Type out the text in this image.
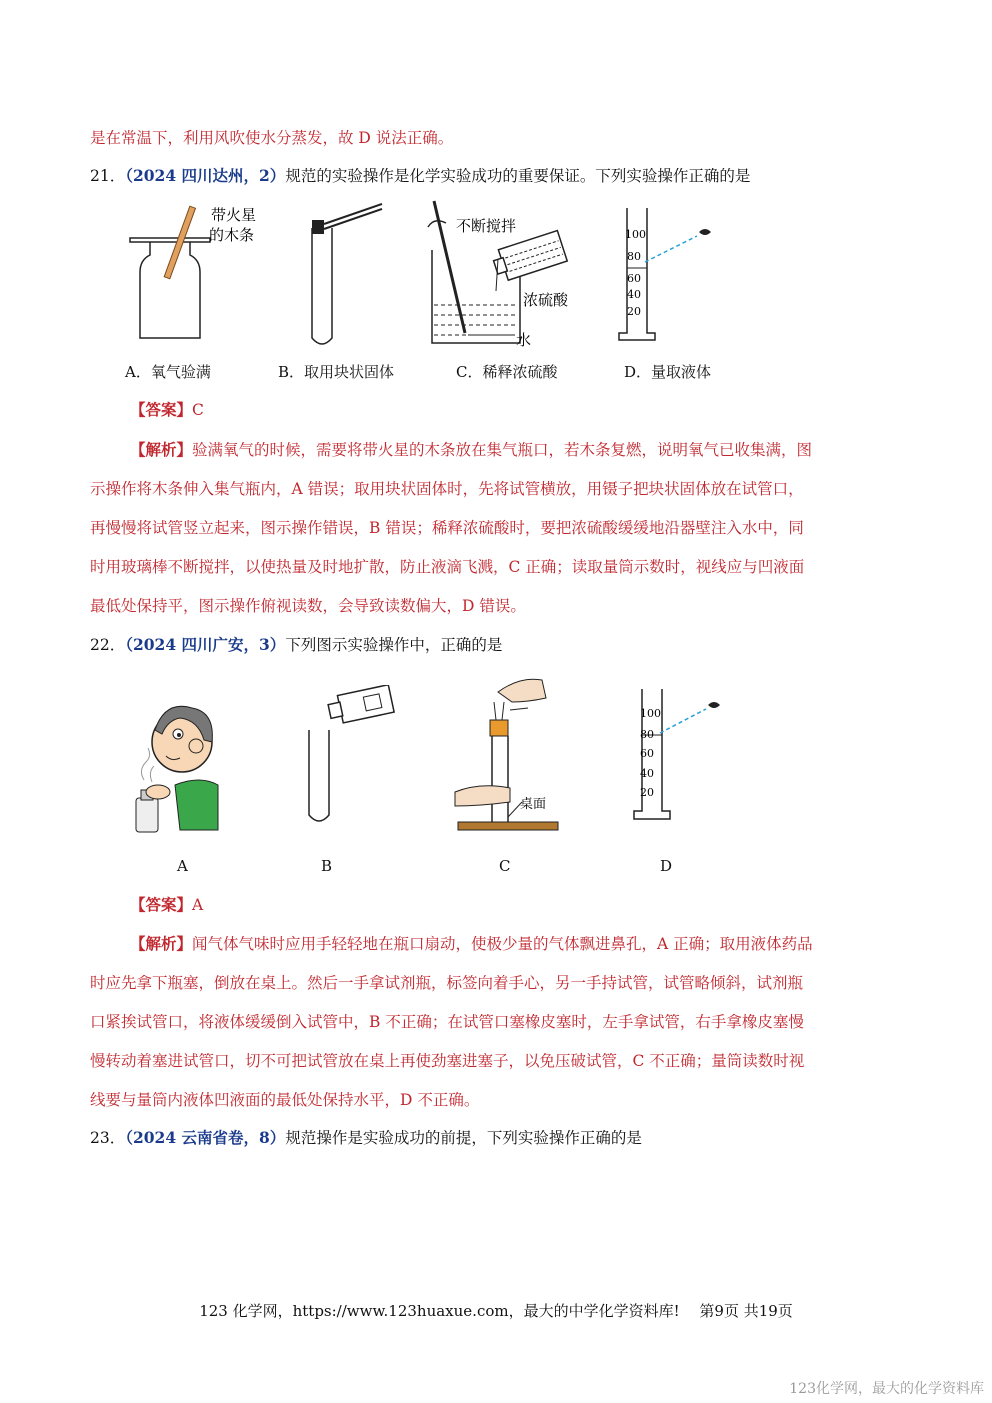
是在常温下，利用风吹使水分蒸发，故 D 说法正确。
21．（2024 四川达州，2）规范的实验操作是化学实验成功的重要保证。下列实验操作正确的是
带火星
的木条	不断搅拌
浓硫酸
水
100
80
60
40
20
A．氧气验满	B．取用块状固体	C．稀释浓硫酸	D．量取液体
【答案】C
【解析】验满氧气的时候，需要将带火星的木条放在集气瓶口，若木条复燃，说明氧气已收集满，图
示操作将木条伸入集气瓶内，A 错误；取用块状固体时，先将试管横放，用镊子把块状固体放在试管口，
再慢慢将试管竖立起来，图示操作错误，B 错误；稀释浓硫酸时，要把浓硫酸缓缓地沿器壁注入水中，同
时用玻璃棒不断搅拌，以使热量及时地扩散，防止液滴飞溅，C 正确；读取量筒示数时，视线应与凹液面
最低处保持平，图示操作俯视读数，会导致读数偏大，D 错误。
22．（2024 四川广安，3）下列图示实验操作中，正确的是
桌面
100
80
60
40
20
A	B	C	D
【答案】A
【解析】闻气体气味时应用手轻轻地在瓶口扇动，使极少量的气体飘进鼻孔，A 正确；取用液体药品
时应先拿下瓶塞，倒放在桌上。然后一手拿试剂瓶，标签向着手心，另一手持试管，试管略倾斜，试剂瓶
口紧挨试管口，将液体缓缓倒入试管中，B 不正确；在试管口塞橡皮塞时，左手拿试管，右手拿橡皮塞慢
慢转动着塞进试管口，切不可把试管放在桌上再使劲塞进塞子，以免压破试管，C 不正确；量筒读数时视
线要与量筒内液体凹液面的最低处保持水平，D 不正确。
23．（2024 云南省卷，8）规范操作是实验成功的前提，下列实验操作正确的是
123 化学网，https://www.123huaxue.com，最大的中学化学资料库!　 第9页 共19页
123化学网，最大的化学资料库
